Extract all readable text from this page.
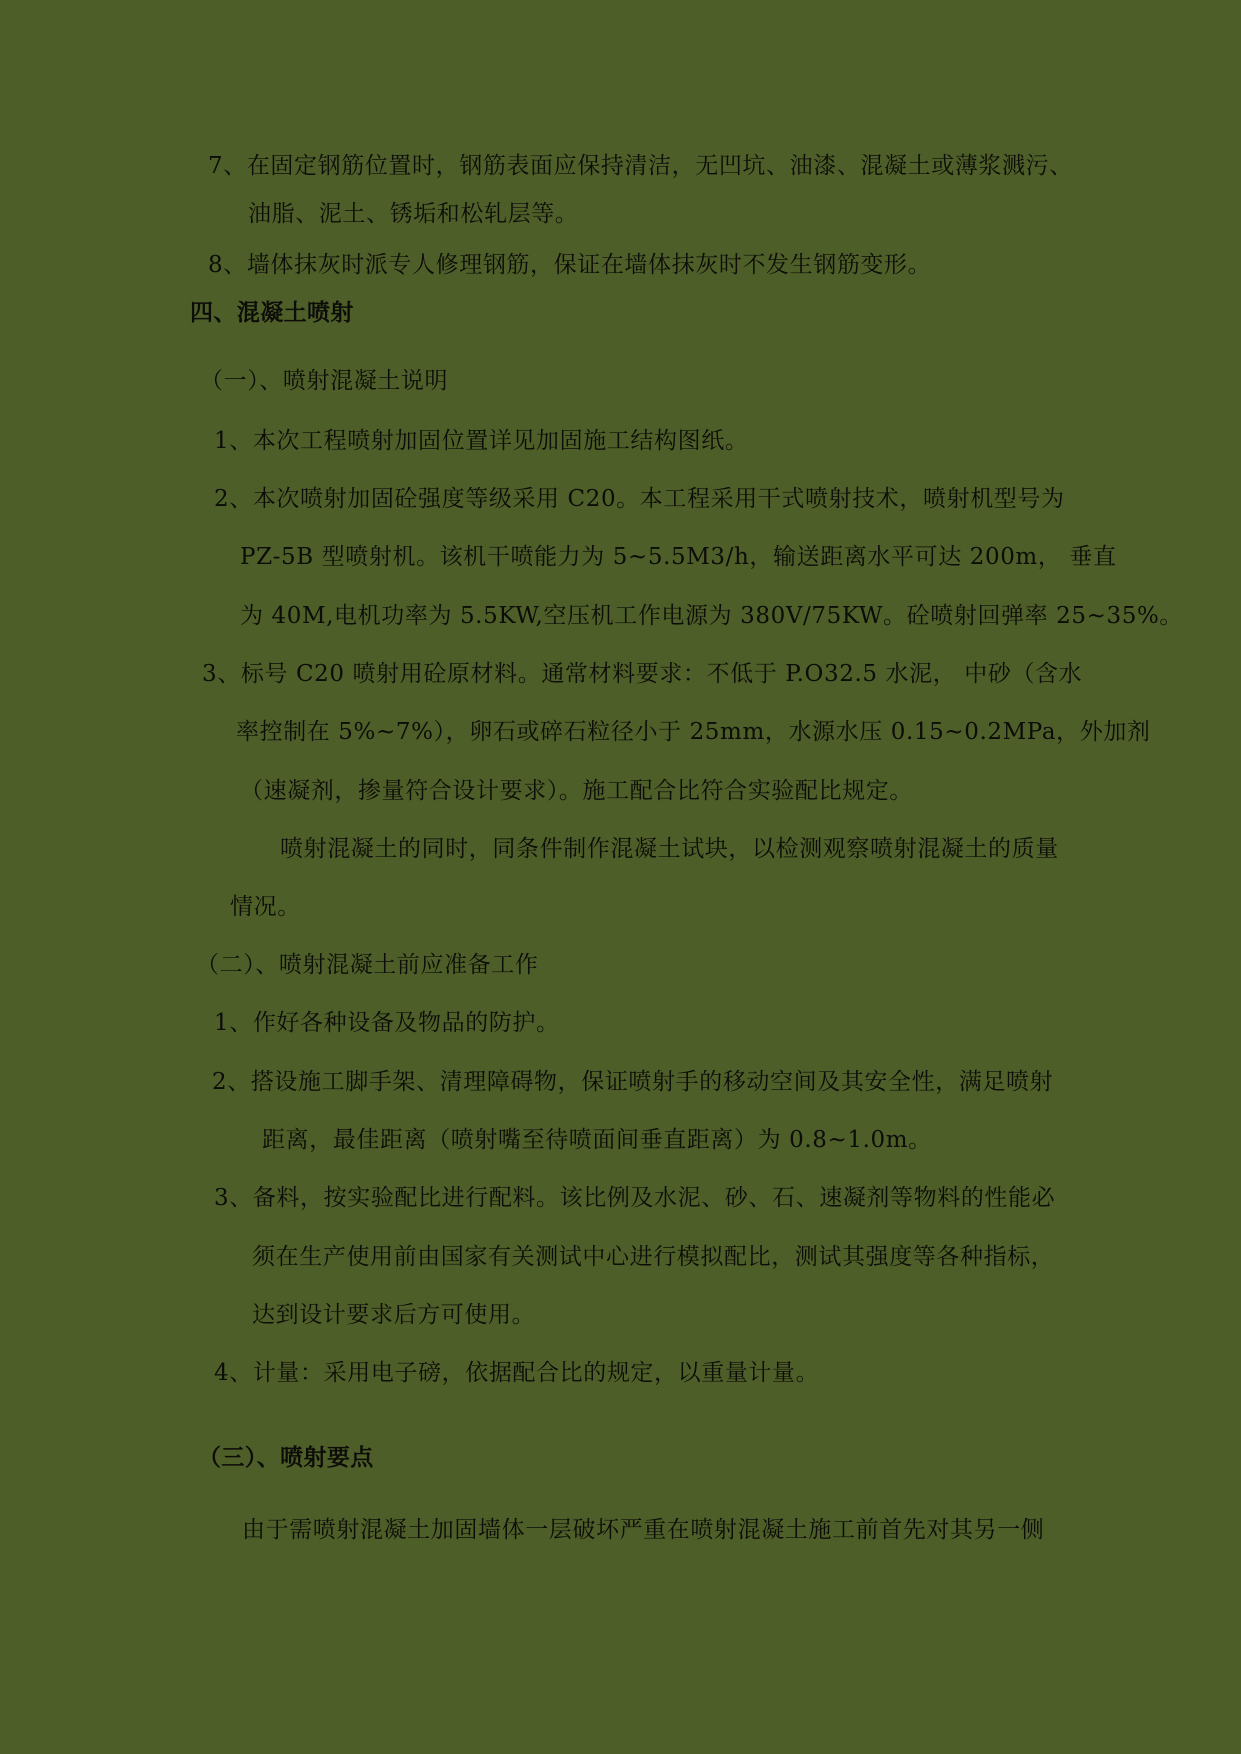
7、在固定钢筋位置时，钢筋表面应保持清洁，无凹坑、油漆、混凝土或薄浆溅污、
油脂、泥土、锈垢和松轧层等。
8、墙体抹灰时派专人修理钢筋，保证在墙体抹灰时不发生钢筋变形。
四、混凝土喷射
（一）、喷射混凝土说明
1、本次工程喷射加固位置详见加固施工结构图纸。
2、本次喷射加固砼强度等级采用 C20。本工程采用干式喷射技术，喷射机型号为
PZ-5B 型喷射机。该机干喷能力为 5~5.5M3/h，输送距离水平可达 200m， 垂直
为 40M,电机功率为 5.5KW,空压机工作电源为 380V/75KW。砼喷射回弹率 25~35%。
3、标号 C20 喷射用砼原材料。通常材料要求：不低于 P.O32.5 水泥， 中砂（含水
率控制在 5%~7%），卵石或碎石粒径小于 25mm，水源水压 0.15~0.2MPa，外加剂
（速凝剂，掺量符合设计要求）。施工配合比符合实验配比规定。
喷射混凝土的同时，同条件制作混凝土试块，以检测观察喷射混凝土的质量
情况。
（二）、喷射混凝土前应准备工作
1、作好各种设备及物品的防护。
2、搭设施工脚手架、清理障碍物，保证喷射手的移动空间及其安全性，满足喷射
距离，最佳距离（喷射嘴至待喷面间垂直距离）为 0.8~1.0m。
3、备料，按实验配比进行配料。该比例及水泥、砂、石、速凝剂等物料的性能必
须在生产使用前由国家有关测试中心进行模拟配比，测试其强度等各种指标，
达到设计要求后方可使用。
4、计量：采用电子磅，依据配合比的规定，以重量计量。
（三）、喷射要点
由于需喷射混凝土加固墙体一层破坏严重在喷射混凝土施工前首先对其另一侧
